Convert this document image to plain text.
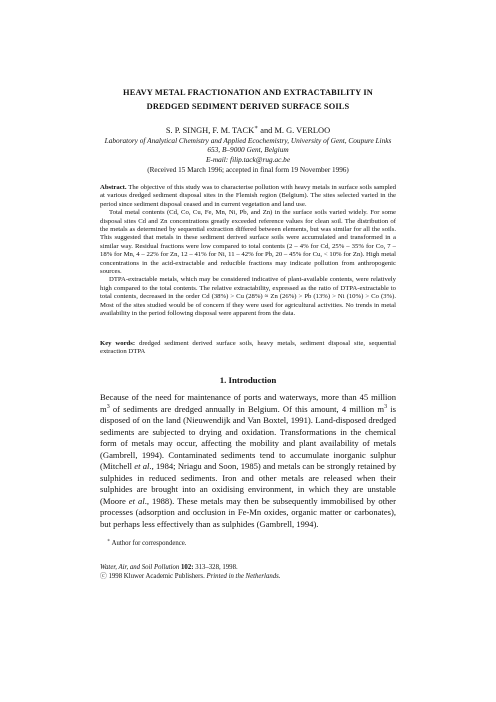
HEAVY METAL FRACTIONATION AND EXTRACTABILITY IN
DREDGED SEDIMENT DERIVED SURFACE SOILS
S. P. SINGH, F. M. TACK∗ and M. G. VERLOO
Laboratory of Analytical Chemistry and Applied Ecochemistry, University of Gent, Coupure Links
653, B–9000 Gent, Belgium
E-mail: filip.tack@rug.ac.be
(Received 15 March 1996; accepted in final form 19 November 1996)

Abstract. The objective of this study was to characterise pollution with heavy metals in surface soils sampled at various dredged sediment disposal sites in the Flemish region (Belgium). The sites selected varied in the period since sediment disposal ceased and in current vegetation and land use.

Total metal contents (Cd, Co, Cu, Fe, Mn, Ni, Pb, and Zn) in the surface soils varied widely. For some disposal sites Cd and Zn concentrations greatly exceeded reference values for clean soil. The distribution of the metals as determined by sequential extraction differed between elements, but was similar for all the soils. This suggested that metals in these sediment derived surface soils were accumulated and transformed in a similar way. Residual fractions were low compared to total contents (2 – 4% for Cd, 25% – 35% for Co, 7 – 18% for Mn, 4 – 22% for Zn, 12 – 41% for Ni, 11 – 42% for Pb, 20 – 45% for Cu, < 10% for Zn). High metal concentrations in the acid-extractable and reducible fractions may indicate pollution from anthropogenic sources.

DTPA-extractable metals, which may be considered indicative of plant-available contents, were relatively high compared to the total contents. The relative extractability, expressed as the ratio of DTPA-extractable to total contents, decreased in the order Cd (38%) > Cu (28%) ≈ Zn (26%) > Pb (13%) > Ni (10%) > Co (3%). Most of the sites studied would be of concern if they were used for agricultural activities. No trends in metal availability in the period following disposal were apparent from the data.

Key words: dredged sediment derived surface soils, heavy metals, sediment disposal site, sequential extraction DTPA
1. Introduction

Because of the need for maintenance of ports and waterways, more than 45 million $m^3$ of sediments are dredged annually in Belgium. Of this amount, 4 million $m^3$ is disposed of on the land (Nieuwendijk and Van Boxtel, 1991). Land-disposed dredged sediments are subjected to drying and oxidation. Transformations in the chemical form of metals may occur, affecting the mobility and plant availability of metals (Gambrell, 1994). Contaminated sediments tend to accumulate inorganic sulphur (Mitchell et al., 1984; Nriagu and Soon, 1985) and metals can be strongly retained by sulphides in reduced sediments. Iron and other metals are released when their sulphides are brought into an oxidising environment, in which they are unstable (Moore et al., 1988). These metals may then be subsequently immobilised by other processes (adsorption and occlusion in Fe-Mn oxides, organic matter or carbonates), but perhaps less effectively than as sulphides (Gambrell, 1994).

∗ Author for correspondence.
Water, Air, and Soil Pollution 102: 313–328, 1998.
ⓒ 1998 Kluwer Academic Publishers. Printed in the Netherlands.
